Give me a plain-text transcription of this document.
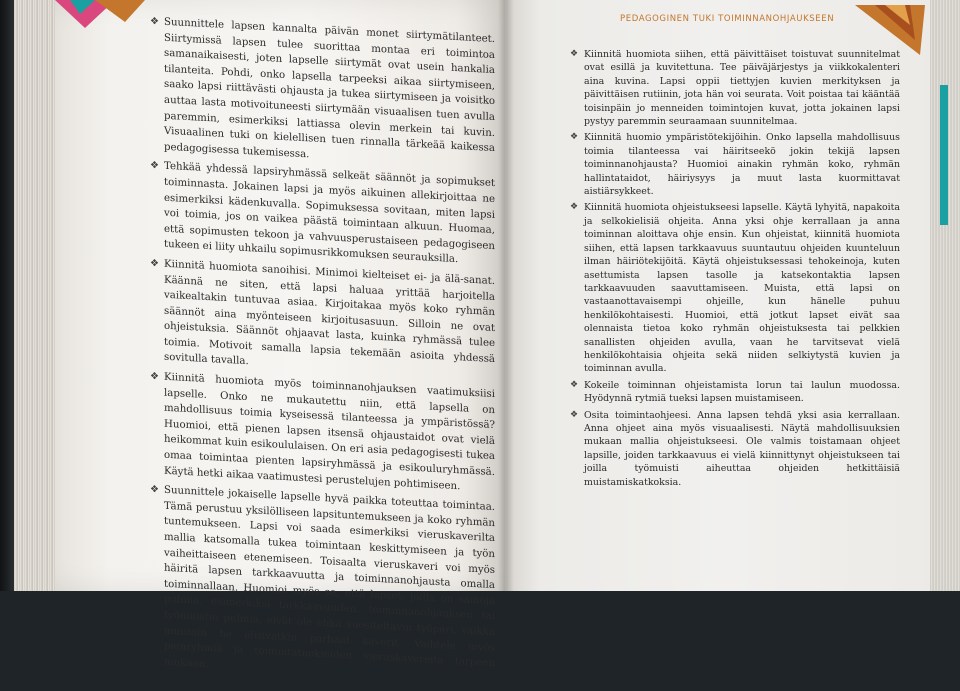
PEDAGOGINEN TUKI TOIMINNANOHJAUKSEEN
❖ Suunnittele lapsen kannalta päivän monet siirtymätilanteet. Siirtymissä lapsen tulee suorittaa montaa eri toimintoa samanaikaisesti, joten lapselle siirtymät ovat usein hankalia tilanteita. Pohdi, onko lapsella tarpeeksi aikaa siirtymiseen, saako lapsi riittävästi ohjausta ja tukea siirtymiseen ja voisitko auttaa lasta motivoituneesti siirtymään visuaalisen tuen avulla paremmin, esimerkiksi lattiassa olevin merkein tai kuvin. Visuaalinen tuki on kielellisen tuen rinnalla tärkeää kaikessa pedagogisessa tukemisessa.
❖ Tehkää yhdessä lapsiryhmässä selkeät säännöt ja sopimukset toiminnasta. Jokainen lapsi ja myös aikuinen allekirjoittaa ne esimerkiksi kädenkuvalla. Sopimuksessa sovitaan, miten lapsi voi toimia, jos on vaikea päästä toimintaan alkuun. Huomaa, että sopimusten tekoon ja vahvuusperustaiseen pedagogiseen tukeen ei liity uhkailu sopimusrikkomuksen seurauksilla.
❖ Kiinnitä huomiota sanoihisi. Minimoi kielteiset ei- ja älä-sanat. Käännä ne siten, että lapsi haluaa yrittää harjoitella vaikealtakin tuntuvaa asiaa. Kirjoitakaa myös koko ryhmän säännöt aina myönteiseen kirjoitusasuun. Silloin ne ovat ohjeistuksia. Säännöt ohjaavat lasta, kuinka ryhmässä tulee toimia. Motivoit samalla lapsia tekemään asioita yhdessä sovitulla tavalla.
❖ Kiinnitä huomiota myös toiminnanohjauksen vaatimuksiisi lapselle. Onko ne mukautettu niin, että lapsella on mahdollisuus toimia kyseisessä tilanteessa ja ympäristössä? Huomioi, että pienen lapsen itsensä ohjaustaidot ovat vielä heikommat kuin esikoululaisen. On eri asia pedagogisesti tukea omaa toimintaa pienten lapsiryhmässä ja esikouluryhmässä. Käytä hetki aikaa vaatimustesi perustelujen pohtimiseen.
❖ Suunnittele jokaiselle lapselle hyvä paikka toteuttaa toimintaa. Tämä perustuu yksilölliseen lapsituntemukseen ja koko ryhmän tuntemukseen. Lapsi voi saada esimerkiksi vieruskaverilta mallia katsomalla tukea toimintaan keskittymiseen ja työn vaiheittaiseen etenemiseen. Toisaalta vieruskaveri voi myös häiritä lapsen tarkkaavuutta ja toiminnanohjausta omalla toiminnallaan. Huomioi myös se, että lapset, joilla on samoja pulmia, esimerkiksi tarkkaavuuden, toiminnanohjauksen tai työmuistin pulmia, eivät ole ehkä suositeltavin työpari, vaikka muutoin he olisivatkin parhaat kaverit. Vaihtele myös pienryhmiä ja toimintatuokioiden vieruskavereita tarpeen mukaan.
❖ Kiinnitä huomiota siihen, että päivittäiset toistuvat suunnitelmat ovat esillä ja kuvitettuna. Tee päiväjärjestys ja viikkokalenteri aina kuvina. Lapsi oppii tiettyjen kuvien merkityksen ja päivittäisen rutiinin, jota hän voi seurata. Voit poistaa tai kääntää toisinpäin jo menneiden toimintojen kuvat, jotta jokainen lapsi pystyy paremmin seuraamaan suunnitelmaa.
❖ Kiinnitä huomio ympäristötekijöihin. Onko lapsella mahdollisuus toimia tilanteessa vai häiritseekö jokin tekijä lapsen toiminnanohjausta? Huomioi ainakin ryhmän koko, ryhmän hallintataidot, häiriysyys ja muut lasta kuormittavat aistiärsykkeet.
❖ Kiinnitä huomiota ohjeistukseesi lapselle. Käytä lyhyitä, napakoita ja selkokielisiä ohjeita. Anna yksi ohje kerrallaan ja anna toiminnan aloittava ohje ensin. Kun ohjeistat, kiinnitä huomiota siihen, että lapsen tarkkaavuus suuntautuu ohjeiden kuunteluun ilman häiriötekijöitä. Käytä ohjeistuksessasi tehokeinoja, kuten asettumista lapsen tasolle ja katsekontaktia lapsen tarkkaavuuden saavuttamiseen. Muista, että lapsi on vastaanottavaisempi ohjeille, kun hänelle puhuu henkilökohtaisesti. Huomioi, että jotkut lapset eivät saa olennaista tietoa koko ryhmän ohjeistuksesta tai pelkkien sanallisten ohjeiden avulla, vaan he tarvitsevat vielä henkilökohtaisia ohjeita sekä niiden selkiytystä kuvien ja toiminnan avulla.
❖ Kokeile toiminnan ohjeistamista lorun tai laulun muodossa. Hyödynnä rytmiä tueksi lapsen muistamiseen.
❖ Osita toimintaohjeesi. Anna lapsen tehdä yksi asia kerrallaan. Anna ohjeet aina myös visuaalisesti. Näytä mahdollisuuksien mukaan mallia ohjeistukseesi. Ole valmis toistamaan ohjeet lapsille, joiden tarkkaavuus ei vielä kiinnittynyt ohjeistukseen tai joilla työmuisti aiheuttaa ohjeiden hetkittäisiä muistamiskatkoksia.
